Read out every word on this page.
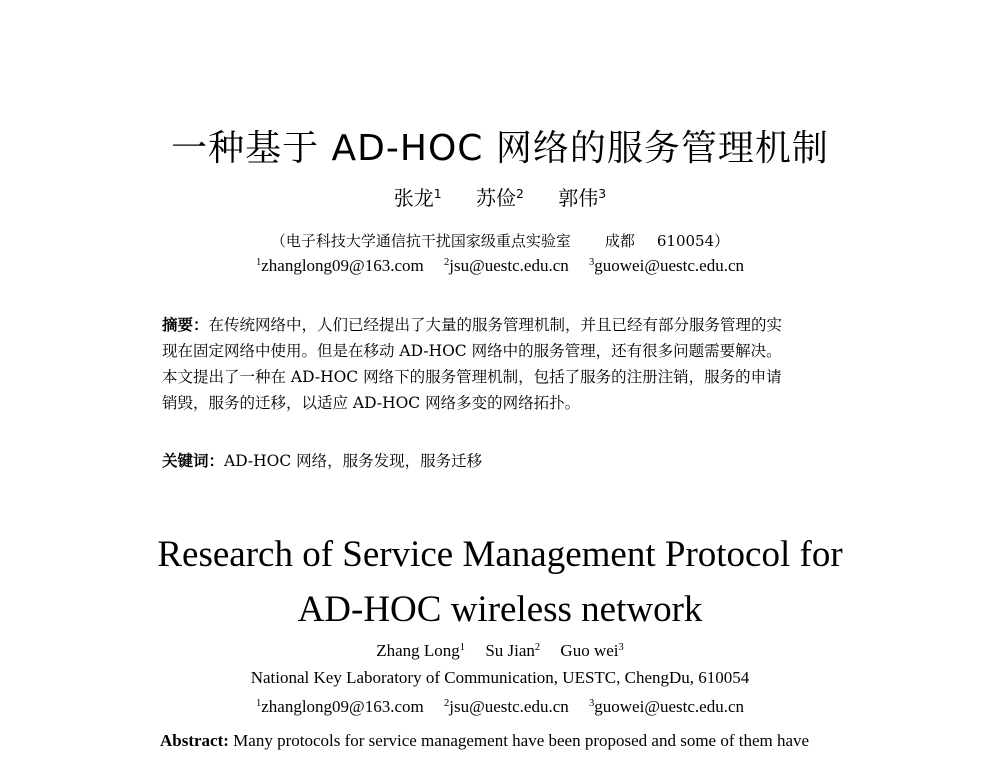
一种基于 AD-HOC 网络的服务管理机制
张龙$^1$ 苏俭$^2$ 郭伟$^3$
（电子科技大学通信抗干扰国家级重点实验室 成都 610054）
$^1$zhanglong09@163.com $^2$jsu@uestc.edu.cn $^3$guowei@uestc.edu.cn
摘要：在传统网络中，人们已经提出了大量的服务管理机制，并且已经有部分服务管理的实
现在固定网络中使用。但是在移动 AD-HOC 网络中的服务管理，还有很多问题需要解决。
本文提出了一种在 AD-HOC 网络下的服务管理机制，包括了服务的注册注销，服务的申请
销毁，服务的迁移，以适应 AD-HOC 网络多变的网络拓扑。
关键词：AD-HOC 网络，服务发现，服务迁移
Research of Service Management Protocol for
AD-HOC wireless network
Zhang Long$^1$ Su Jian$^2$ Guo wei$^3$
National Key Laboratory of Communication, UESTC, ChengDu, 610054
$^1$zhanglong09@163.com $^2$jsu@uestc.edu.cn $^3$guowei@uestc.edu.cn
Abstract: Many protocols for service management have been proposed and some of them have
